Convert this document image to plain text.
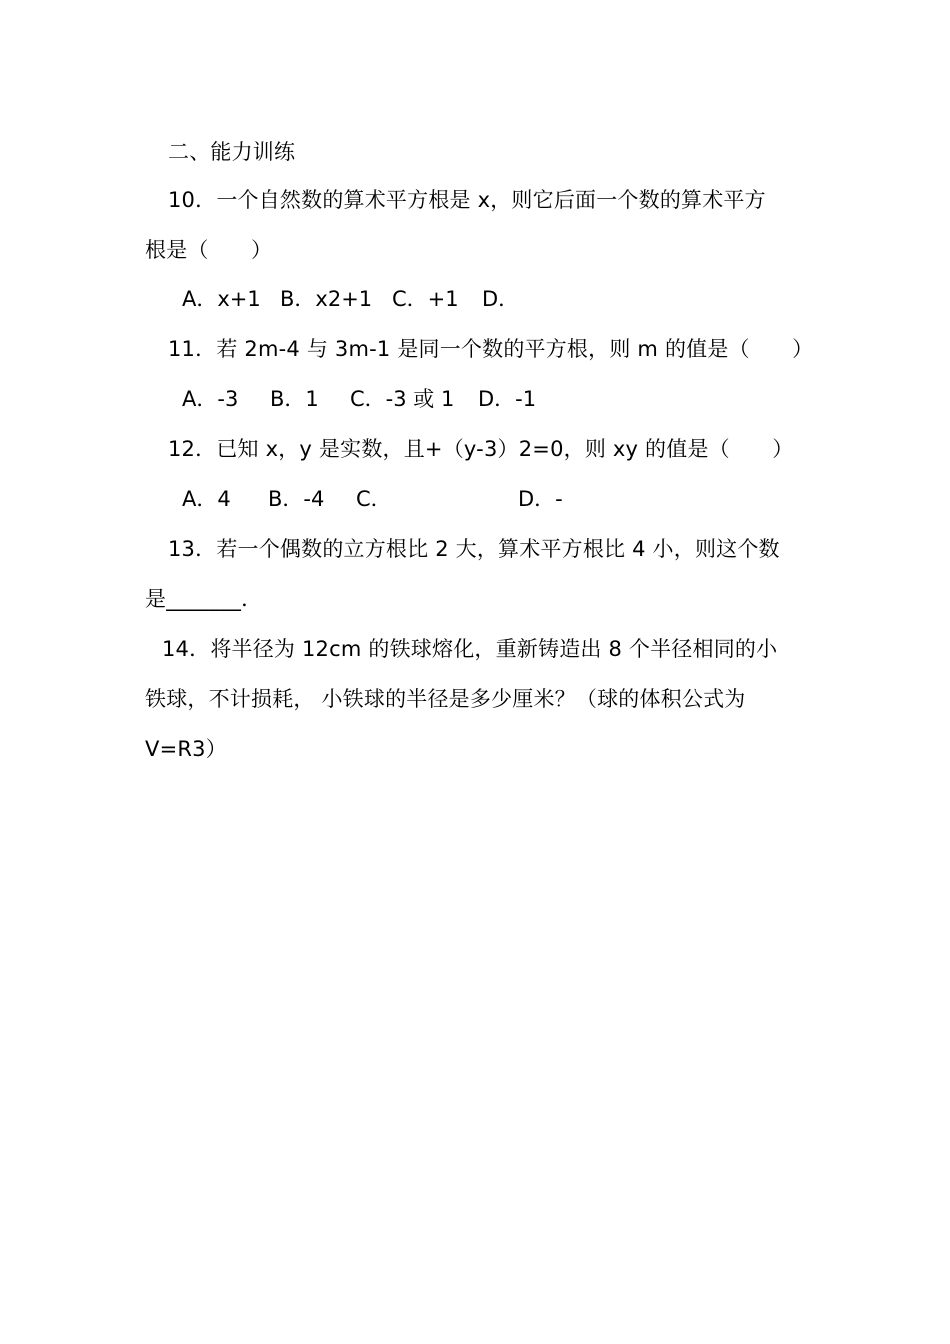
二、能力训练
10．一个自然数的算术平方根是 x，则它后面一个数的算术平方
根是（　　）
A．x+1 B．x2+1 C．+1 D．
11．若 2m-4 与 3m-1 是同一个数的平方根，则 m 的值是（　　）
A．-3 B．1 C．-3 或 1 D．-1
12．已知 x，y 是实数，且+（y-3）2=0，则 xy 的值是（　　）
A．4 B．-4 C．	D．-
13．若一个偶数的立方根比 2 大，算术平方根比 4 小，则这个数
是_______．
14．将半径为 12cm 的铁球熔化，重新铸造出 8 个半径相同的小
铁球，不计损耗， 小铁球的半径是多少厘米？（球的体积公式为
V=R3）
